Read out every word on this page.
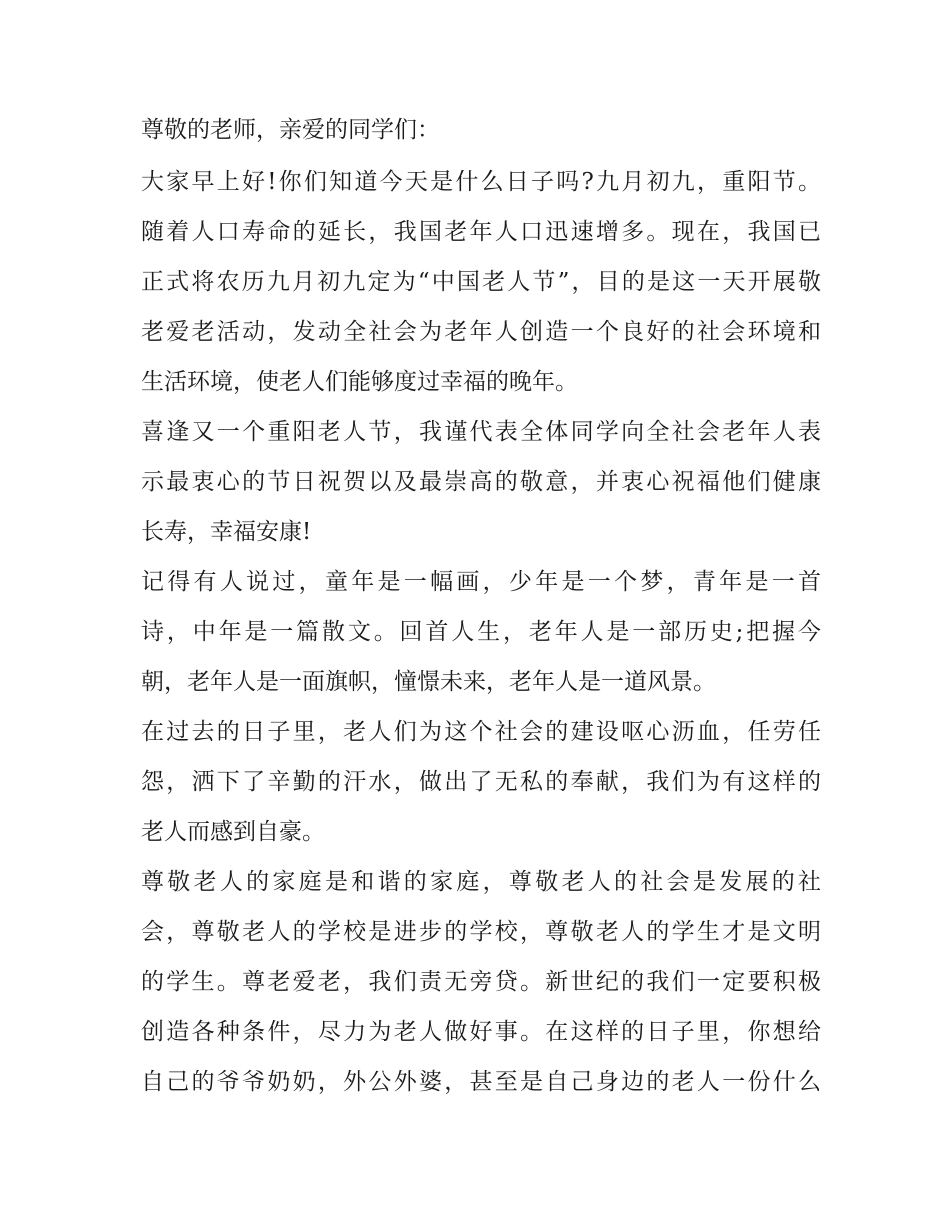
尊敬的老师，亲爱的同学们：
大家早上好!你们知道今天是什么日子吗?九月初九，重阳节。
随着人口寿命的延长，我国老年人口迅速增多。现在，我国已
正式将农历九月初九定为“中国老人节”，目的是这一天开展敬
老爱老活动，发动全社会为老年人创造一个良好的社会环境和
生活环境，使老人们能够度过幸福的晚年。
喜逢又一个重阳老人节，我谨代表全体同学向全社会老年人表
示最衷心的节日祝贺以及最崇高的敬意，并衷心祝福他们健康
长寿，幸福安康!
记得有人说过，童年是一幅画，少年是一个梦，青年是一首
诗，中年是一篇散文。回首人生，老年人是一部历史;把握今
朝，老年人是一面旗帜，憧憬未来，老年人是一道风景。
在过去的日子里，老人们为这个社会的建设呕心沥血，任劳任
怨，洒下了辛勤的汗水，做出了无私的奉献，我们为有这样的
老人而感到自豪。
尊敬老人的家庭是和谐的家庭，尊敬老人的社会是发展的社
会，尊敬老人的学校是进步的学校，尊敬老人的学生才是文明
的学生。尊老爱老，我们责无旁贷。新世纪的我们一定要积极
创造各种条件，尽力为老人做好事。在这样的日子里，你想给
自己的爷爷奶奶，外公外婆，甚至是自己身边的老人一份什么
